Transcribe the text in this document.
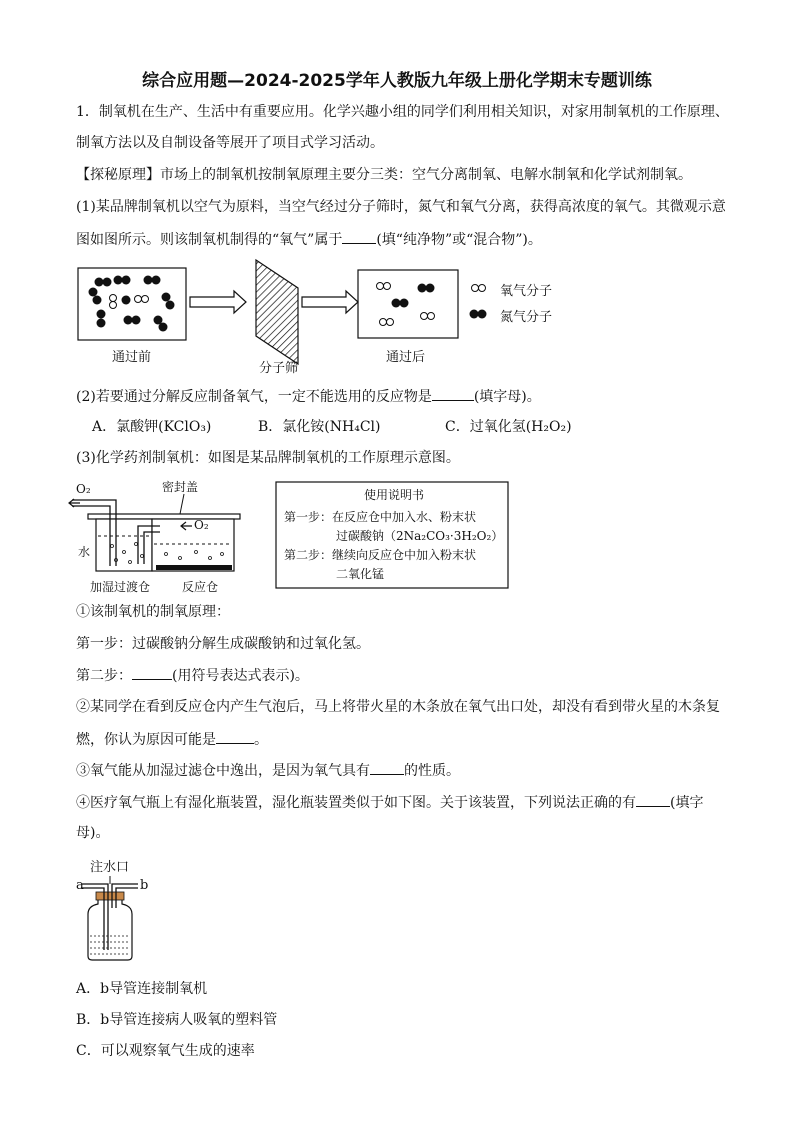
综合应用题—2024-2025学年人教版九年级上册化学期末专题训练
1．制氧机在生产、生活中有重要应用。化学兴趣小组的同学们利用相关知识，对家用制氧机的工作原理、
制氧方法以及自制设备等展开了项目式学习活动。
【探秘原理】市场上的制氧机按制氧原理主要分三类：空气分离制氧、电解水制氧和化学试剂制氧。
(1)某品牌制氧机以空气为原料，当空气经过分子筛时，氮气和氧气分离，获得高浓度的氧气。其微观示意
图如图所示。则该制氧机制得的“氧气”属于 (填“纯净物”或“混合物”)。
氧气分子
氮气分子
通过前
分子筛
通过后
(2)若要通过分解反应制备氧气，一定不能选用的反应物是	(填字母)。
A．氯酸钾(KClO₃)	B．氯化铵(NH₄Cl)	C．过氧化氢(H₂O₂)
(3)化学药剂制氧机：如图是某品牌制氧机的工作原理示意图。
O₂	密封盖
O₂
水
加湿过渡仓	反应仓
使用说明书
第一步：在反应仓中加入水、粉末状
过碳酸钠（2Na₂CO₃·3H₂O₂）
第二步：继续向反应仓中加入粉末状
二氧化锰
①该制氧机的制氧原理：
第一步：过碳酸钠分解生成碳酸钠和过氧化氢。
第二步：	(用符号表达式表示)。
②某同学在看到反应仓内产生气泡后，马上将带火星的木条放在氧气出口处，却没有看到带火星的木条复
燃，你认为原因可能是	。
③氧气能从加湿过滤仓中逸出，是因为氧气具有 的性质。
④医疗氧气瓶上有湿化瓶装置，湿化瓶装置类似于如下图。关于该装置，下列说法正确的有 (填字
母)。
注水口
a	b
A．b导管连接制氧机
B．b导管连接病人吸氧的塑料管
C．可以观察氧气生成的速率
